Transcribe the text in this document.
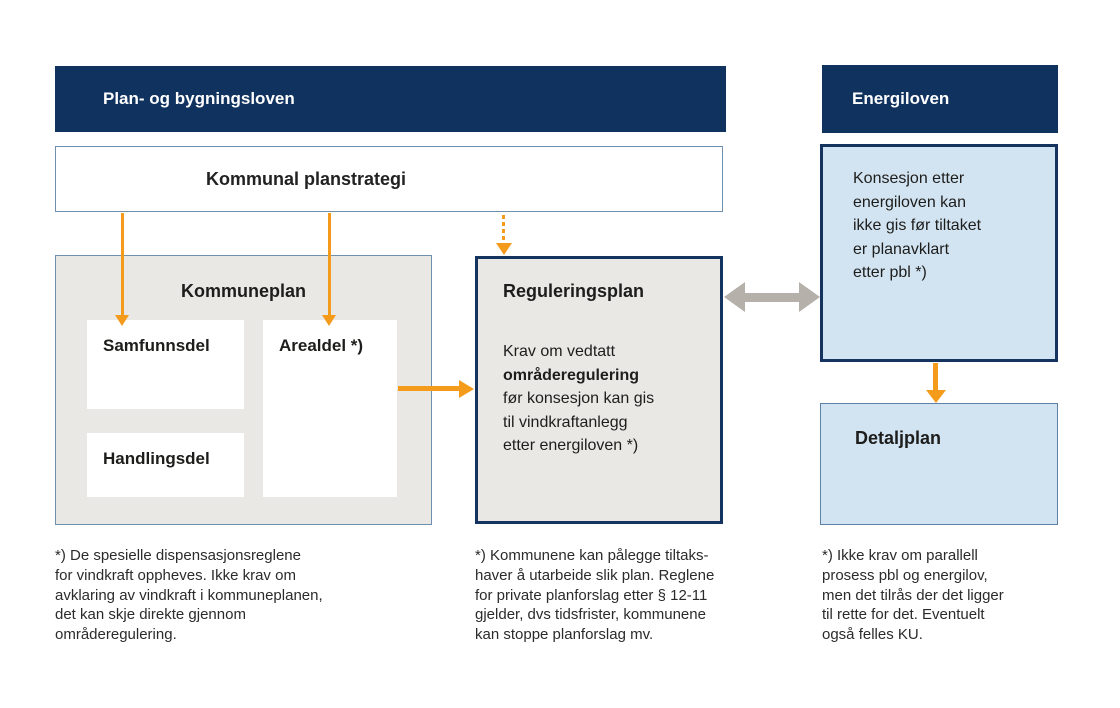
Plan- og bygningsloven
Kommunal planstrategi
Kommuneplan
Samfunnsdel	Arealdel *)
Handlingsdel
Reguleringsplan
Krav om vedtatt
områderegulering
før konsesjon kan gis
til vindkraftanlegg
etter energiloven *)
Energiloven
Konsesjon etter
energiloven kan
ikke gis før tiltaket
er planavklart
etter pbl *)
Detaljplan
*) De spesielle dispensasjonsreglene
for vindkraft oppheves. Ikke krav om
avklaring av vindkraft i kommuneplanen,
det kan skje direkte gjennom
områderegulering.
*) Kommunene kan pålegge tiltaks-
haver å utarbeide slik plan. Reglene
for private planforslag etter § 12-11
gjelder, dvs tidsfrister, kommunene
kan stoppe planforslag mv.
*) Ikke krav om parallell
prosess pbl og energilov,
men det tilrås der det ligger
til rette for det. Eventuelt
også felles KU.
